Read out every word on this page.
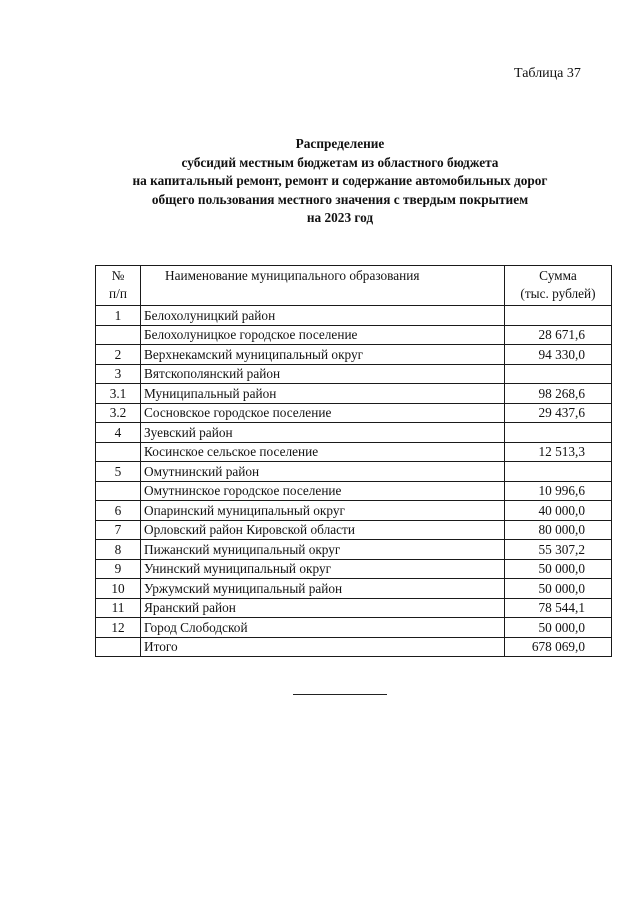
Таблица 37
Распределение
субсидий местным бюджетам из областного бюджета
на капитальный ремонт, ремонт и содержание автомобильных дорог
общего пользования местного значения с твердым покрытием
на 2023 год
№
п/п	Наименование муниципального образования	Сумма
(тыс. рублей)
1	Белохолуницкий район	
	Белохолуницкое городское поселение	28 671,6
2	Верхнекамский муниципальный округ	94 330,0
3	Вятскополянский район	
3.1	Муниципальный район	98 268,6
3.2	Сосновское городское поселение	29 437,6
4	Зуевский район	
	Косинское сельское поселение	12 513,3
5	Омутнинский район	
	Омутнинское городское поселение	10 996,6
6	Опаринский муниципальный округ	40 000,0
7	Орловский район Кировской области	80 000,0
8	Пижанский муниципальный округ	55 307,2
9	Унинский муниципальный округ	50 000,0
10	Уржумский муниципальный район	50 000,0
11	Яранский район	78 544,1
12	Город Слободской	50 000,0
	Итого	678 069,0
